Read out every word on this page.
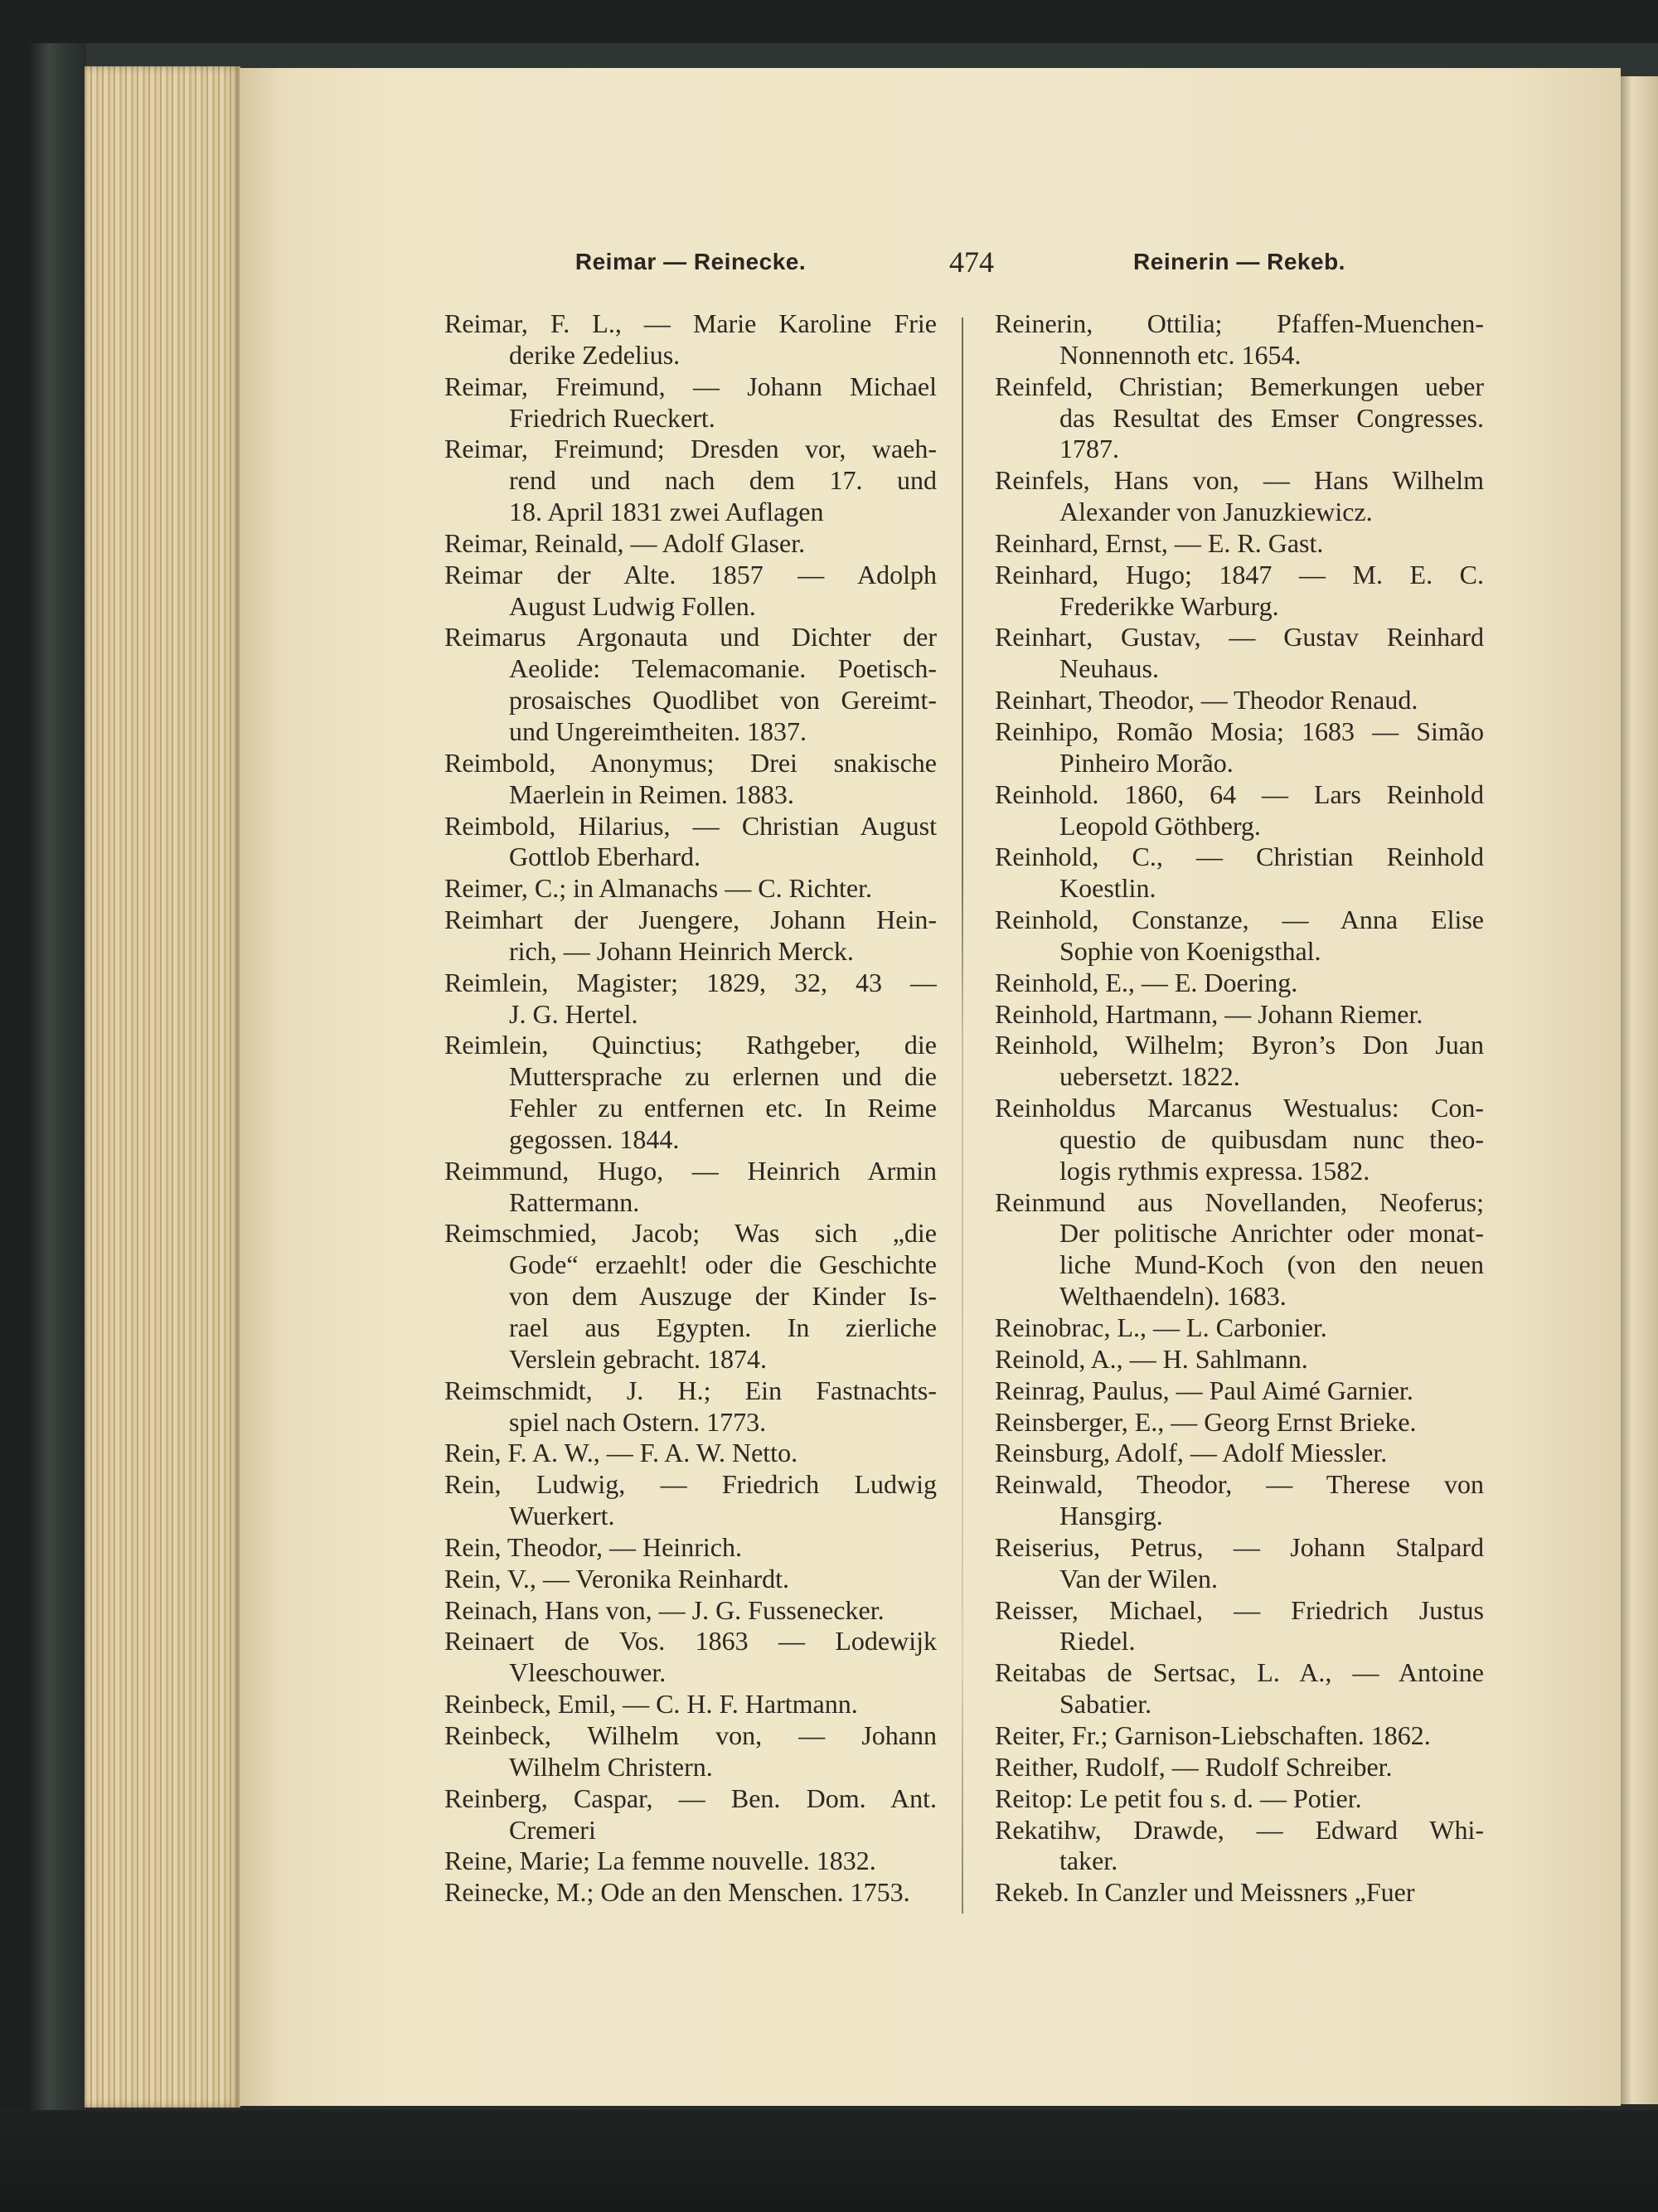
Reimar — Reinecke.	474	Reinerin — Rekeb.
Reimar, F. L., — Marie Karoline Frie
derike Zedelius.
Reimar, Freimund, — Johann Michael
Friedrich Rueckert.
Reimar, Freimund; Dresden vor, waeh-
rend und nach dem 17. und
18. April 1831 zwei Auflagen
Reimar, Reinald, — Adolf Glaser.
Reimar der Alte. 1857 — Adolph
August Ludwig Follen.
Reimarus Argonauta und Dichter der
Aeolide: Telemacomanie. Poetisch-
prosaisches Quodlibet von Gereimt-
und Ungereimtheiten. 1837.
Reimbold, Anonymus; Drei snakische
Maerlein in Reimen. 1883.
Reimbold, Hilarius, — Christian August
Gottlob Eberhard.
Reimer, C.; in Almanachs — C. Richter.
Reimhart der Juengere, Johann Hein-
rich, — Johann Heinrich Merck.
Reimlein, Magister; 1829, 32, 43 —
J. G. Hertel.
Reimlein, Quinctius; Rathgeber, die
Muttersprache zu erlernen und die
Fehler zu entfernen etc. In Reime
gegossen. 1844.
Reimmund, Hugo, — Heinrich Armin
Rattermann.
Reimschmied, Jacob; Was sich „die
Gode“ erzaehlt! oder die Geschichte
von dem Auszuge der Kinder Is-
rael aus Egypten. In zierliche
Verslein gebracht. 1874.
Reimschmidt, J. H.; Ein Fastnachts-
spiel nach Ostern. 1773.
Rein, F. A. W., — F. A. W. Netto.
Rein, Ludwig, — Friedrich Ludwig
Wuerkert.
Rein, Theodor, — Heinrich.
Rein, V., — Veronika Reinhardt.
Reinach, Hans von, — J. G. Fussenecker.
Reinaert de Vos. 1863 — Lodewijk
Vleeschouwer.
Reinbeck, Emil, — C. H. F. Hartmann.
Reinbeck, Wilhelm von, — Johann
Wilhelm Christern.
Reinberg, Caspar, — Ben. Dom. Ant.
Cremeri
Reine, Marie; La femme nouvelle. 1832.
Reinecke, M.; Ode an den Menschen. 1753.
Reinerin, Ottilia; Pfaffen-Muenchen-
Nonnennoth etc. 1654.
Reinfeld, Christian; Bemerkungen ueber
das Resultat des Emser Congresses.
1787.
Reinfels, Hans von, — Hans Wilhelm
Alexander von Januzkiewicz.
Reinhard, Ernst, — E. R. Gast.
Reinhard, Hugo; 1847 — M. E. C.
Frederikke Warburg.
Reinhart, Gustav, — Gustav Reinhard
Neuhaus.
Reinhart, Theodor, — Theodor Renaud.
Reinhipo, Romão Mosia; 1683 — Simão
Pinheiro Morão.
Reinhold. 1860, 64 — Lars Reinhold
Leopold Göthberg.
Reinhold, C., — Christian Reinhold
Koestlin.
Reinhold, Constanze, — Anna Elise
Sophie von Koenigsthal.
Reinhold, E., — E. Doering.
Reinhold, Hartmann, — Johann Riemer.
Reinhold, Wilhelm; Byron’s Don Juan
uebersetzt. 1822.
Reinholdus Marcanus Westualus: Con-
questio de quibusdam nunc theo-
logis rythmis expressa. 1582.
Reinmund aus Novellanden, Neoferus;
Der politische Anrichter oder monat-
liche Mund-Koch (von den neuen
Welthaendeln). 1683.
Reinobrac, L., — L. Carbonier.
Reinold, A., — H. Sahlmann.
Reinrag, Paulus, — Paul Aimé Garnier.
Reinsberger, E., — Georg Ernst Brieke.
Reinsburg, Adolf, — Adolf Miessler.
Reinwald, Theodor, — Therese von
Hansgirg.
Reiserius, Petrus, — Johann Stalpard
Van der Wilen.
Reisser, Michael, — Friedrich Justus
Riedel.
Reitabas de Sertsac, L. A., — Antoine
Sabatier.
Reiter, Fr.; Garnison-Liebschaften. 1862.
Reither, Rudolf, — Rudolf Schreiber.
Reitop: Le petit fou s. d. — Potier.
Rekatihw, Drawde, — Edward Whi-
taker.
Rekeb. In Canzler und Meissners „Fuer
